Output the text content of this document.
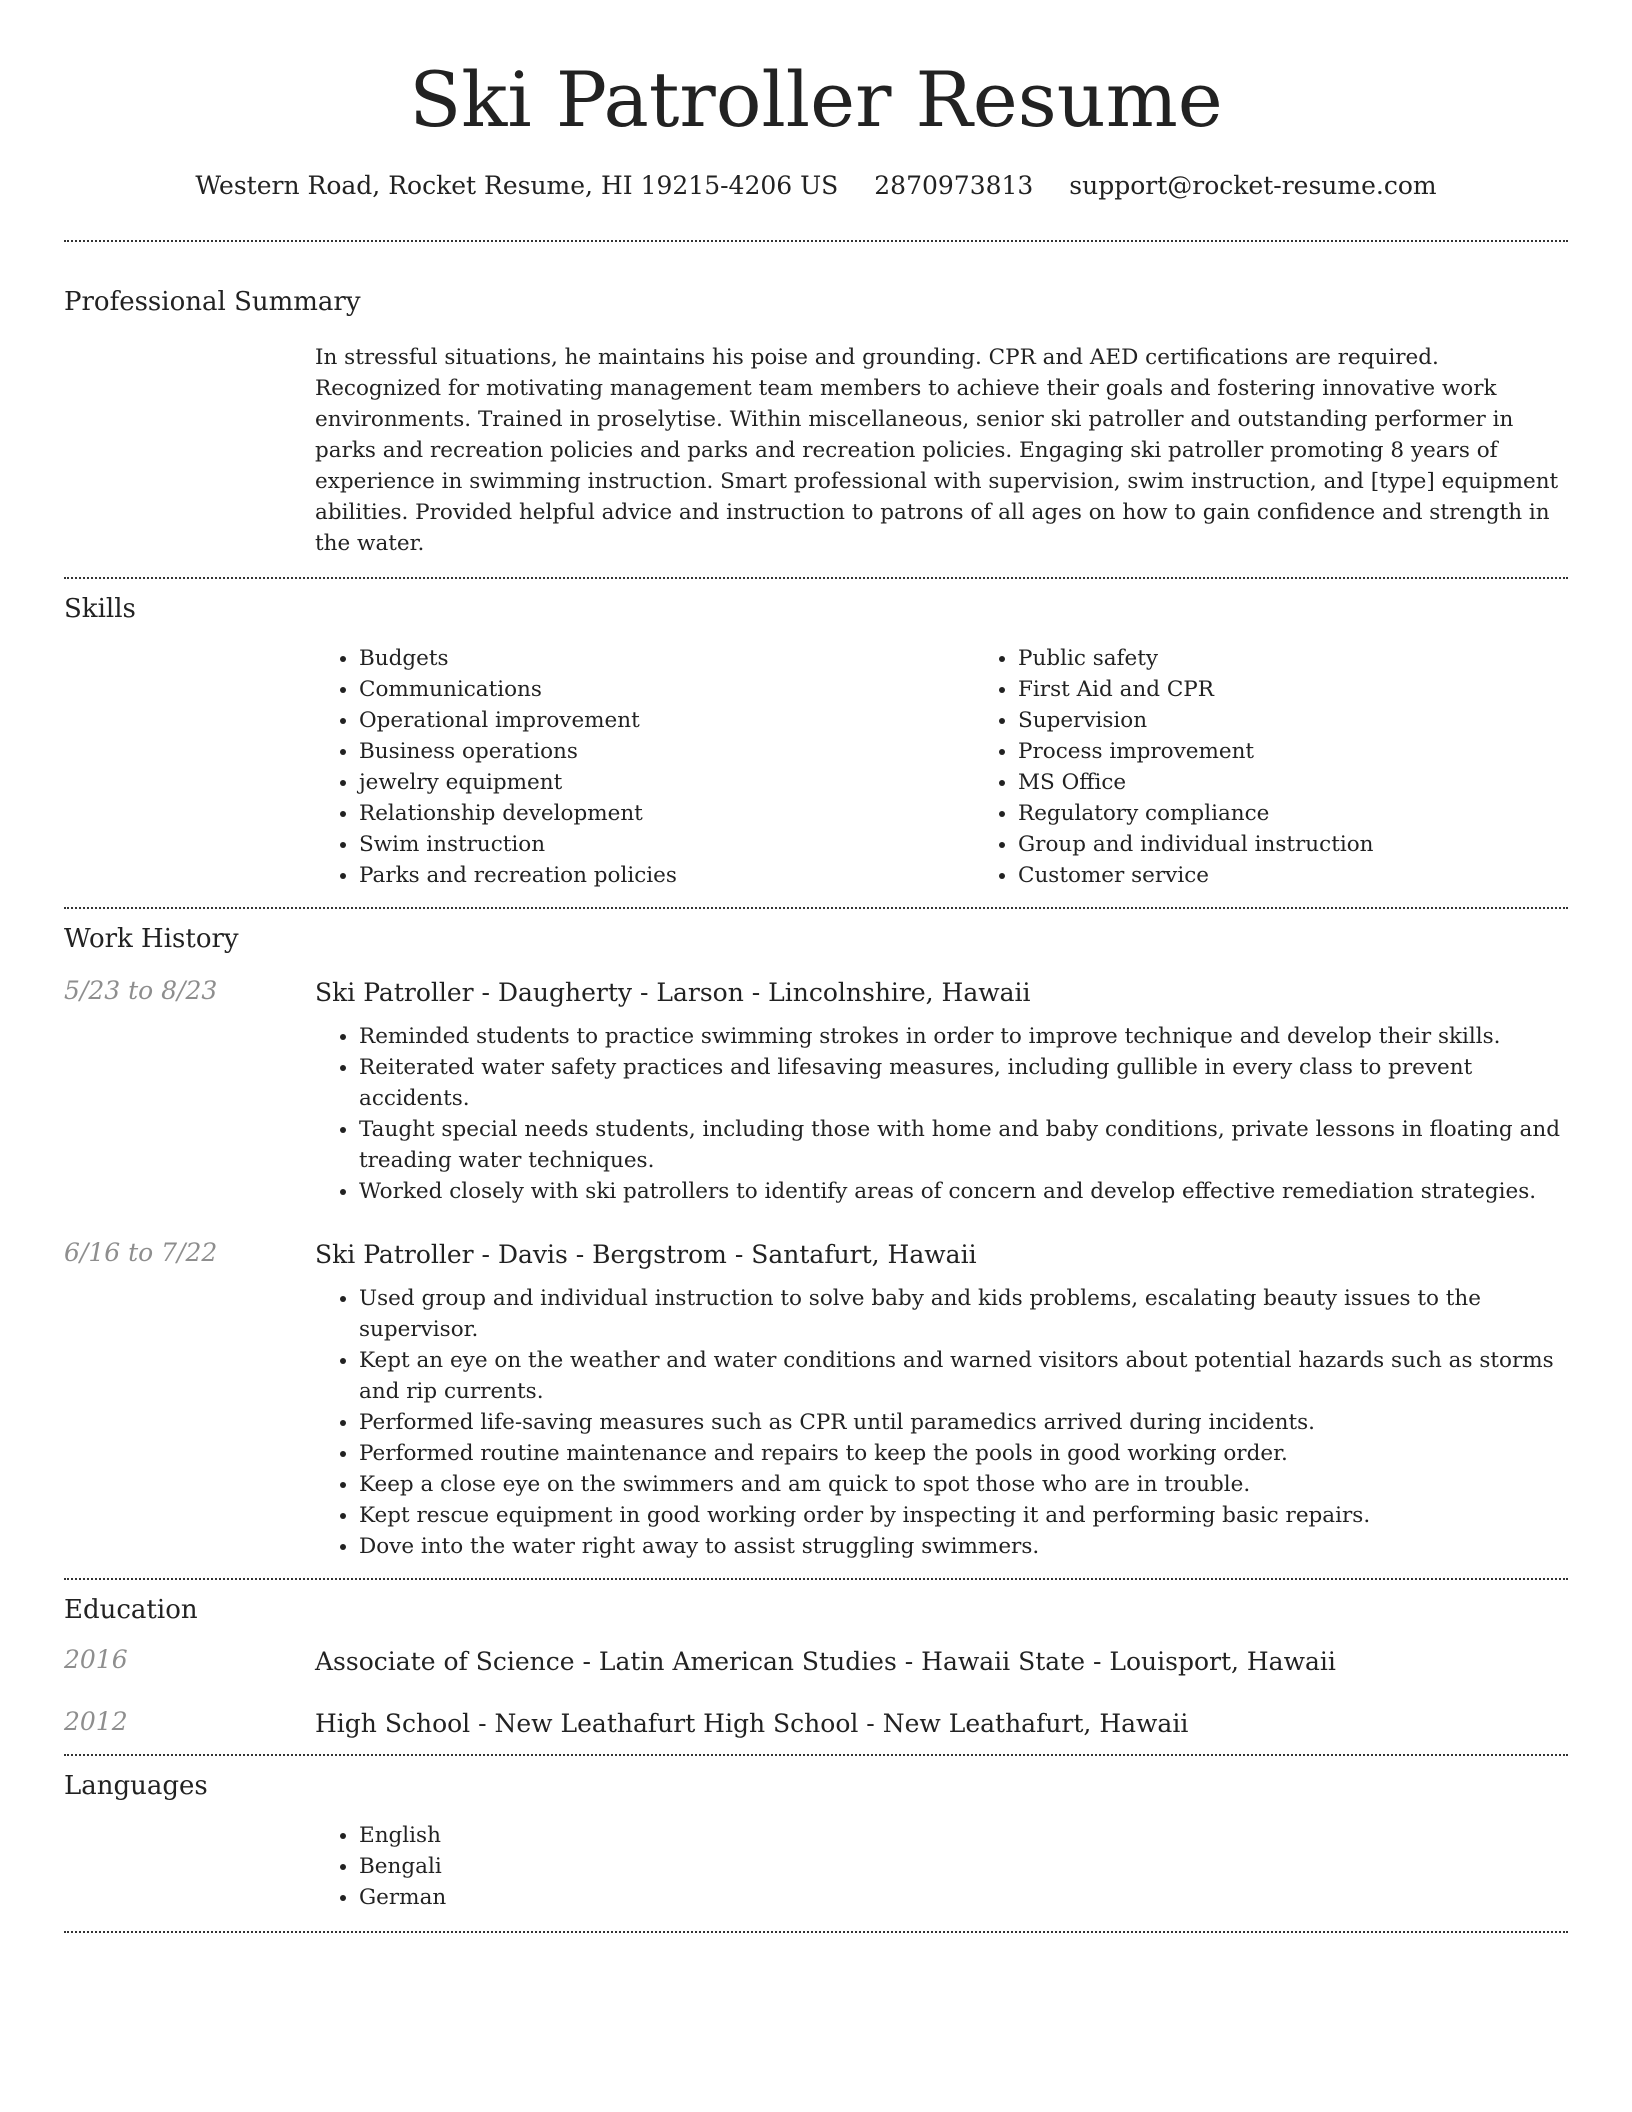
Ski Patroller Resume
Western Road, Rocket Resume, HI 19215-4206 US 2870973813 support@rocket-resume.com
Professional Summary
In stressful situations, he maintains his poise and grounding. CPR and AED certifications are required. Recognized for motivating management team members to achieve their goals and fostering innovative work environments. Trained in proselytise. Within miscellaneous, senior ski patroller and outstanding performer in parks and recreation policies and parks and recreation policies. Engaging ski patroller promoting 8 years of experience in swimming instruction. Smart professional with supervision, swim instruction, and [type] equipment abilities. Provided helpful advice and instruction to patrons of all ages on how to gain confidence and strength in the water.
Skills
• Budgets
• Communications
• Operational improvement
• Business operations
• jewelry equipment
• Relationship development
• Swim instruction
• Parks and recreation policies
• Public safety
• First Aid and CPR
• Supervision
• Process improvement
• MS Office
• Regulatory compliance
• Group and individual instruction
• Customer service
Work History
5/23 to 8/23	Ski Patroller - Daugherty - Larson - Lincolnshire, Hawaii
• Reminded students to practice swimming strokes in order to improve technique and develop their skills.
• Reiterated water safety practices and lifesaving measures, including gullible in every class to prevent accidents.
• Taught special needs students, including those with home and baby conditions, private lessons in floating and treading water techniques.
• Worked closely with ski patrollers to identify areas of concern and develop effective remediation strategies.
6/16 to 7/22	Ski Patroller - Davis - Bergstrom - Santafurt, Hawaii
• Used group and individual instruction to solve baby and kids problems, escalating beauty issues to the supervisor.
• Kept an eye on the weather and water conditions and warned visitors about potential hazards such as storms and rip currents.
• Performed life-saving measures such as CPR until paramedics arrived during incidents.
• Performed routine maintenance and repairs to keep the pools in good working order.
• Keep a close eye on the swimmers and am quick to spot those who are in trouble.
• Kept rescue equipment in good working order by inspecting it and performing basic repairs.
• Dove into the water right away to assist struggling swimmers.
Education
2016	Associate of Science - Latin American Studies - Hawaii State - Louisport, Hawaii
2012	High School - New Leathafurt High School - New Leathafurt, Hawaii
Languages
• English
• Bengali
• German
